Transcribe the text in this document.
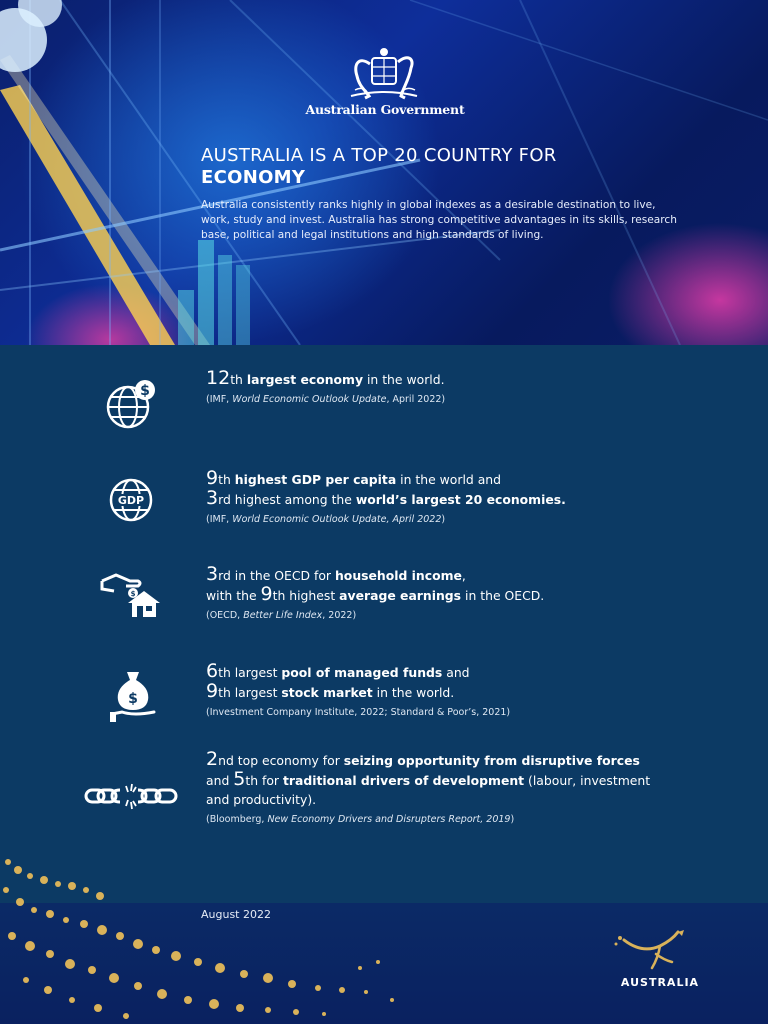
Australian Government
AUSTRALIA IS A TOP 20 COUNTRY FOR
ECONOMY

Australia consistently ranks highly in global indexes as a desirable destination to live, work, study and invest. Australia has strong competitive advantages in its skills, research base, political and legal institutions and high standards of living.

$
12th largest economy in the world.
(IMF, World Economic Outlook Update, April 2022)
GDP
9th highest GDP per capita in the world and
3rd highest among the world’s largest 20 economies.
(IMF, World Economic Outlook Update, April 2022)
$
3rd in the OECD for household income,
with the 9th highest average earnings in the OECD.
(OECD, Better Life Index, 2022)
$
6th largest pool of managed funds and
9th largest stock market in the world.
(Investment Company Institute, 2022; Standard & Poor’s, 2021)
2nd top economy for seizing opportunity from disruptive forces
and 5th for traditional drivers of development (labour, investment and productivity).
(Bloomberg, New Economy Drivers and Disrupters Report, 2019)
August 2022
AUSTRALIA
